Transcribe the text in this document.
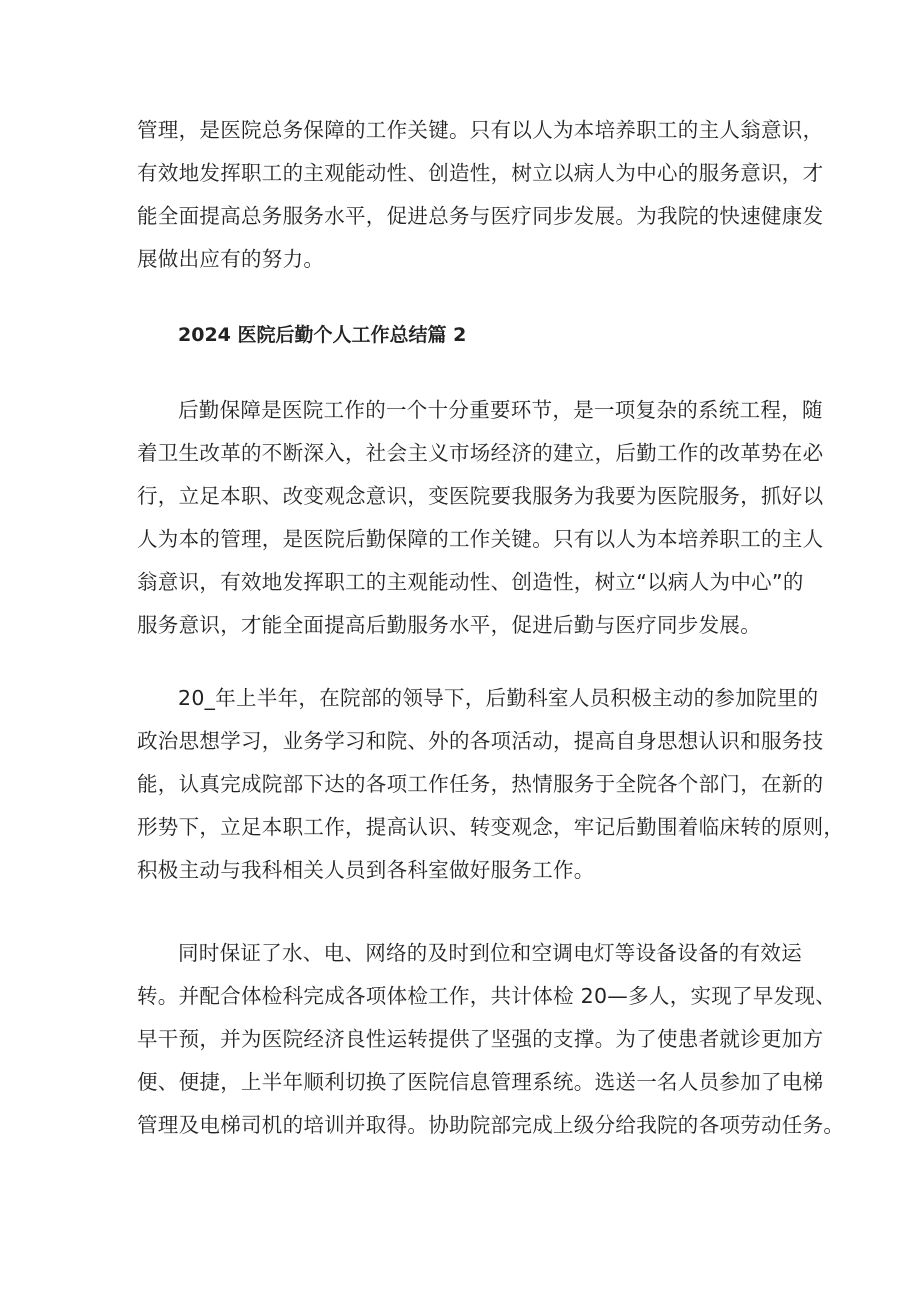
管理，是医院总务保障的工作关键。只有以人为本培养职工的主人翁意识，
有效地发挥职工的主观能动性、创造性，树立以病人为中心的服务意识，才
能全面提高总务服务水平，促进总务与医疗同步发展。为我院的快速健康发
展做出应有的努力。

2024 医院后勤个人工作总结篇 2

后勤保障是医院工作的一个十分重要环节，是一项复杂的系统工程，随
着卫生改革的不断深入，社会主义市场经济的建立，后勤工作的改革势在必
行，立足本职、改变观念意识，变医院要我服务为我要为医院服务，抓好以
人为本的管理，是医院后勤保障的工作关键。只有以人为本培养职工的主人
翁意识，有效地发挥职工的主观能动性、创造性，树立“以病人为中心”的
服务意识，才能全面提高后勤服务水平，促进后勤与医疗同步发展。

20_年上半年，在院部的领导下，后勤科室人员积极主动的参加院里的
政治思想学习，业务学习和院、外的各项活动，提高自身思想认识和服务技
能，认真完成院部下达的各项工作任务，热情服务于全院各个部门，在新的
形势下，立足本职工作，提高认识、转变观念，牢记后勤围着临床转的原则，
积极主动与我科相关人员到各科室做好服务工作。

同时保证了水、电、网络的及时到位和空调电灯等设备设备的有效运
转。并配合体检科完成各项体检工作，共计体检 20—多人，实现了早发现、
早干预，并为医院经济良性运转提供了坚强的支撑。为了使患者就诊更加方
便、便捷，上半年顺利切换了医院信息管理系统。选送一名人员参加了电梯
管理及电梯司机的培训并取得。协助院部完成上级分给我院的各项劳动任务。
